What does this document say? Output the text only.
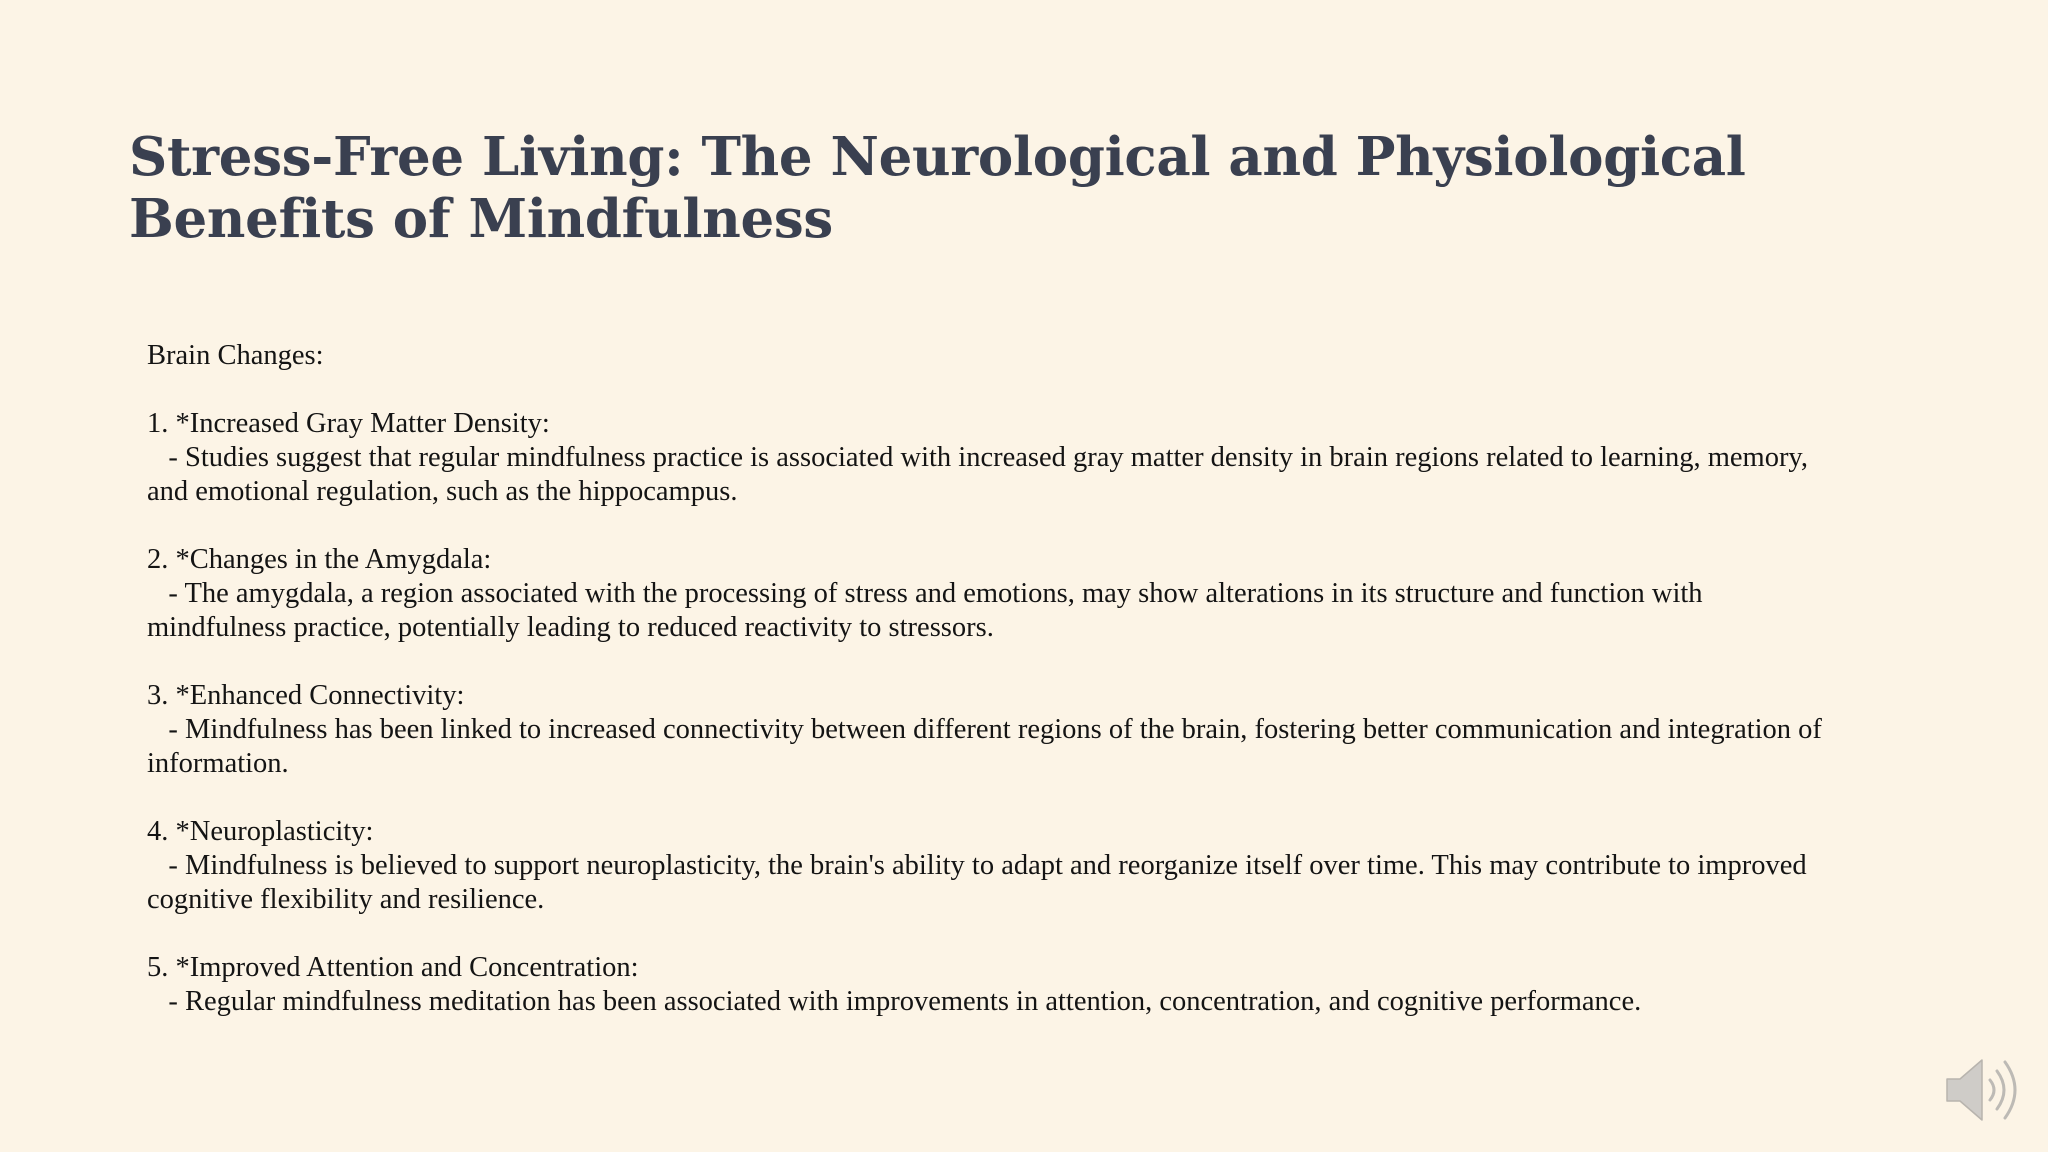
Stress-Free Living: The Neurological and Physiological Benefits of Mindfulness

Brain Changes:

1. *Increased Gray Matter Density:

- Studies suggest that regular mindfulness practice is associated with increased gray matter density in brain regions related to learning, memory, and emotional regulation, such as the hippocampus.

2. *Changes in the Amygdala:

- The amygdala, a region associated with the processing of stress and emotions, may show alterations in its structure and function with mindfulness practice, potentially leading to reduced reactivity to stressors.

3. *Enhanced Connectivity:

- Mindfulness has been linked to increased connectivity between different regions of the brain, fostering better communication and integration of information.

4. *Neuroplasticity:

- Mindfulness is believed to support neuroplasticity, the brain's ability to adapt and reorganize itself over time. This may contribute to improved cognitive flexibility and resilience.

5. *Improved Attention and Concentration:

- Regular mindfulness meditation has been associated with improvements in attention, concentration, and cognitive performance.
